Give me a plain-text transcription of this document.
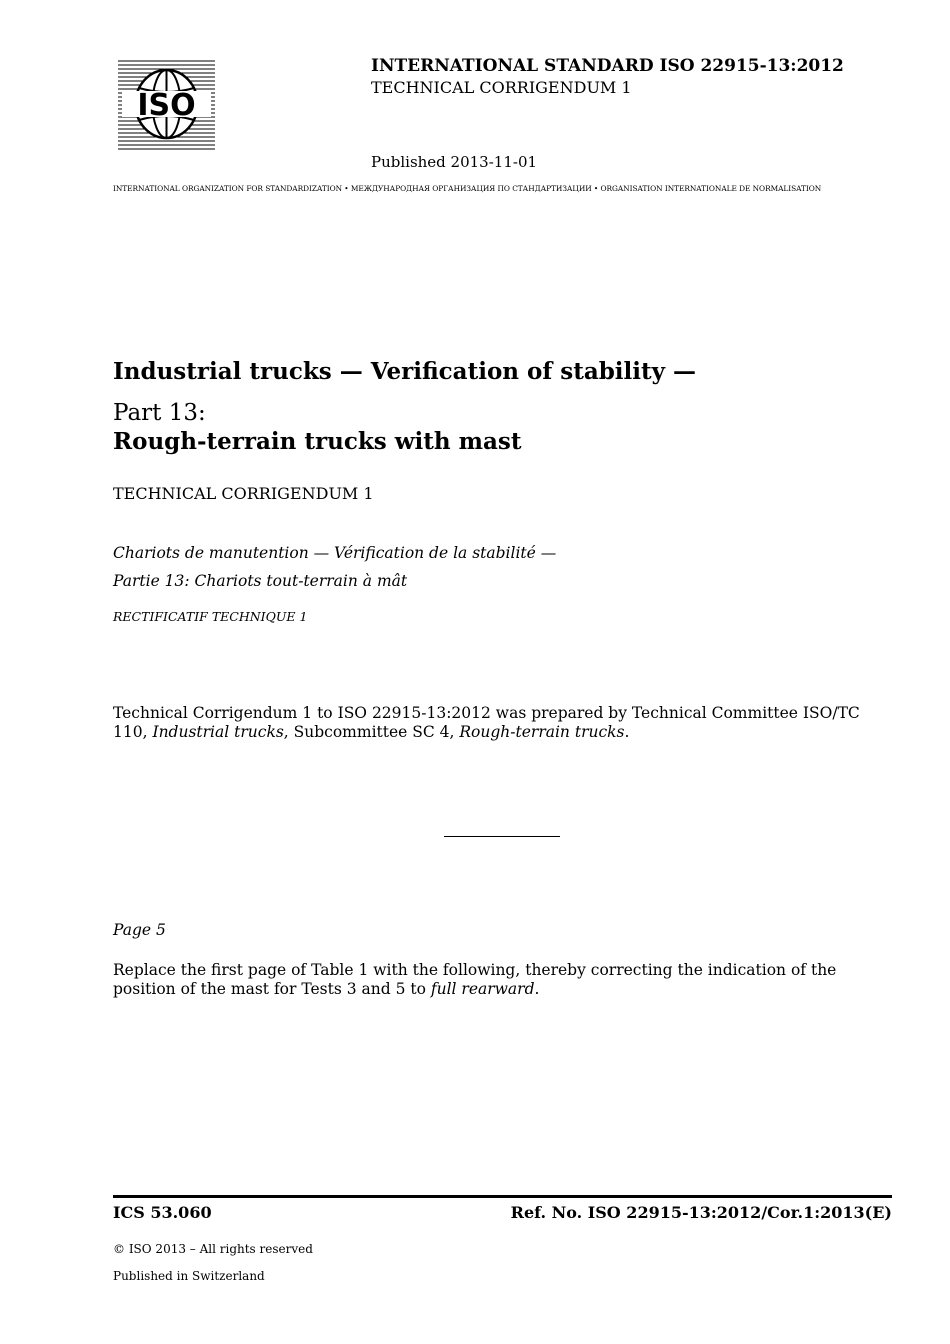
ISO
INTERNATIONAL STANDARD ISO 22915-13:2012
TECHNICAL CORRIGENDUM 1
Published 2013-11-01
INTERNATIONAL ORGANIZATION FOR STANDARDIZATION • МЕЖДУНАРОДНАЯ ОРГАНИЗАЦИЯ ПО СТАНДАРТИЗАЦИИ • ORGANISATION INTERNATIONALE DE NORMALISATION
Industrial trucks — Verification of stability —
Part 13:
Rough-terrain trucks with mast
TECHNICAL CORRIGENDUM 1
Chariots de manutention — Vérification de la stabilité —
Partie 13: Chariots tout-terrain à mât
RECTIFICATIF TECHNIQUE 1
Technical Corrigendum 1 to ISO 22915-13:2012 was prepared by Technical Committee ISO/TC 110, Industrial trucks, Subcommittee SC 4, Rough-terrain trucks.
Page 5
Replace the first page of Table 1 with the following, thereby correcting the indication of the position of the mast for Tests 3 and 5 to full rearward.
ICS 53.060	Ref. No. ISO 22915-13:2012/Cor.1:2013(E)
© ISO 2013 – All rights reserved
Published in Switzerland
